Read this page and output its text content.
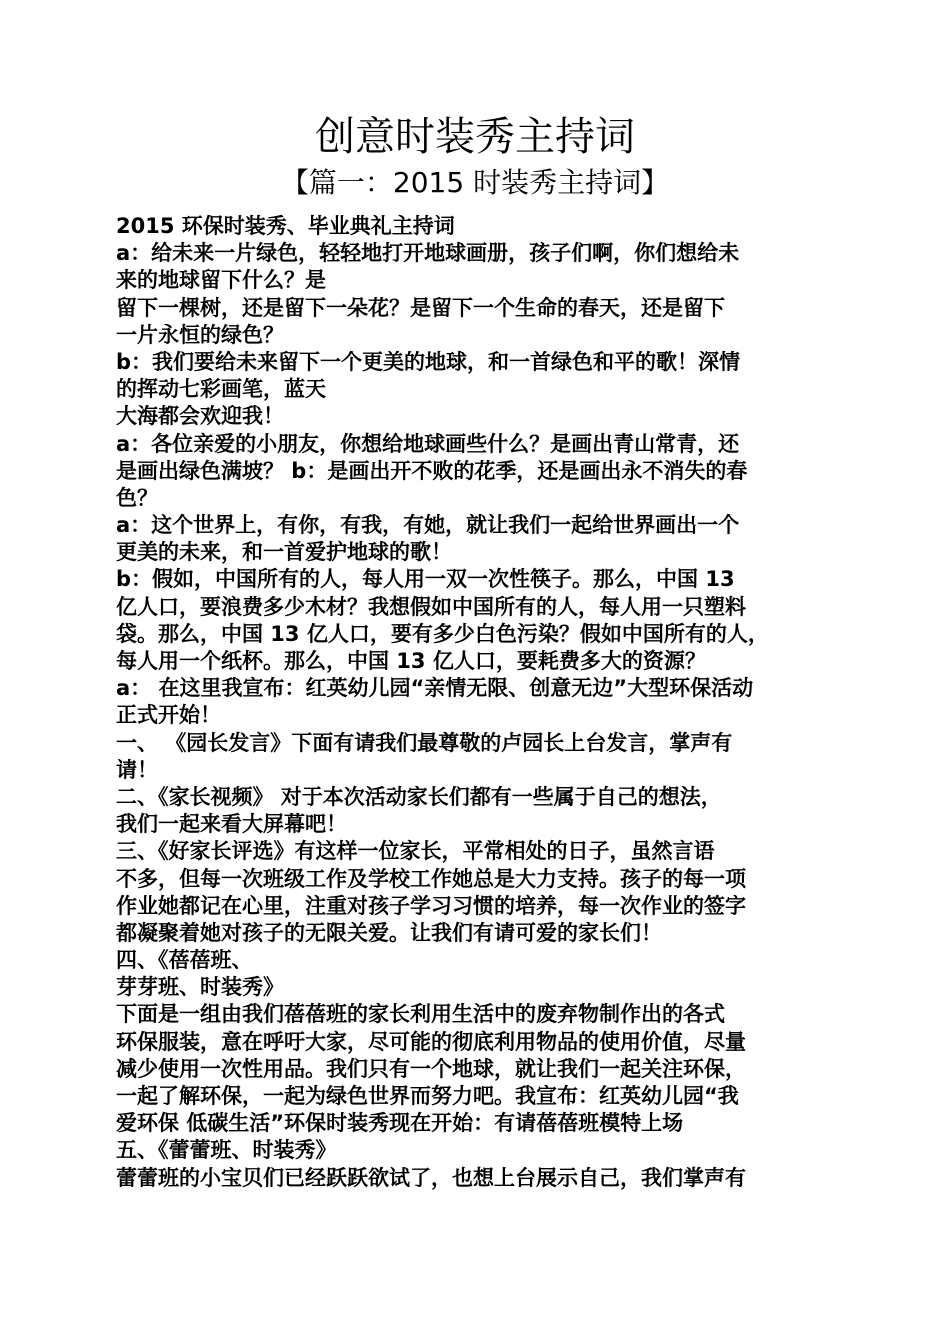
创意时装秀主持词
【篇一：2015 时装秀主持词】
2015 环保时装秀、毕业典礼主持词
a：给未来一片绿色，轻轻地打开地球画册，孩子们啊，你们想给未
来的地球留下什么？是
留下一棵树，还是留下一朵花？是留下一个生命的春天，还是留下
一片永恒的绿色？
b：我们要给未来留下一个更美的地球，和一首绿色和平的歌！深情
的挥动七彩画笔，蓝天
大海都会欢迎我！
a：各位亲爱的小朋友，你想给地球画些什么？是画出青山常青，还
是画出绿色满坡？ b：是画出开不败的花季，还是画出永不消失的春
色？
a：这个世界上，有你，有我，有她，就让我们一起给世界画出一个
更美的未来，和一首爱护地球的歌！
b：假如，中国所有的人，每人用一双一次性筷子。那么，中国 13
亿人口，要浪费多少木材？我想假如中国所有的人，每人用一只塑料
袋。那么，中国 13 亿人口，要有多少白色污染？假如中国所有的人，
每人用一个纸杯。那么，中国 13 亿人口，要耗费多大的资源？
a： 在这里我宣布：红英幼儿园“亲情无限、创意无边”大型环保活动
正式开始！
一、 《园长发言》下面有请我们最尊敬的卢园长上台发言，掌声有
请！
二、《家长视频》 对于本次活动家长们都有一些属于自己的想法，
我们一起来看大屏幕吧！
三、《好家长评选》有这样一位家长，平常相处的日子，虽然言语
不多，但每一次班级工作及学校工作她总是大力支持。孩子的每一项
作业她都记在心里，注重对孩子学习习惯的培养，每一次作业的签字
都凝聚着她对孩子的无限关爱。让我们有请可爱的家长们！
四、《蓓蓓班、
芽芽班、时装秀》
下面是一组由我们蓓蓓班的家长利用生活中的废弃物制作出的各式
环保服装，意在呼吁大家，尽可能的彻底利用物品的使用价值，尽量
减少使用一次性用品。我们只有一个地球，就让我们一起关注环保，
一起了解环保，一起为绿色世界而努力吧。我宣布：红英幼儿园“我
爱环保 低碳生活”环保时装秀现在开始：有请蓓蓓班模特上场
五、《蕾蕾班、时装秀》
蕾蕾班的小宝贝们已经跃跃欲试了，也想上台展示自己，我们掌声有
